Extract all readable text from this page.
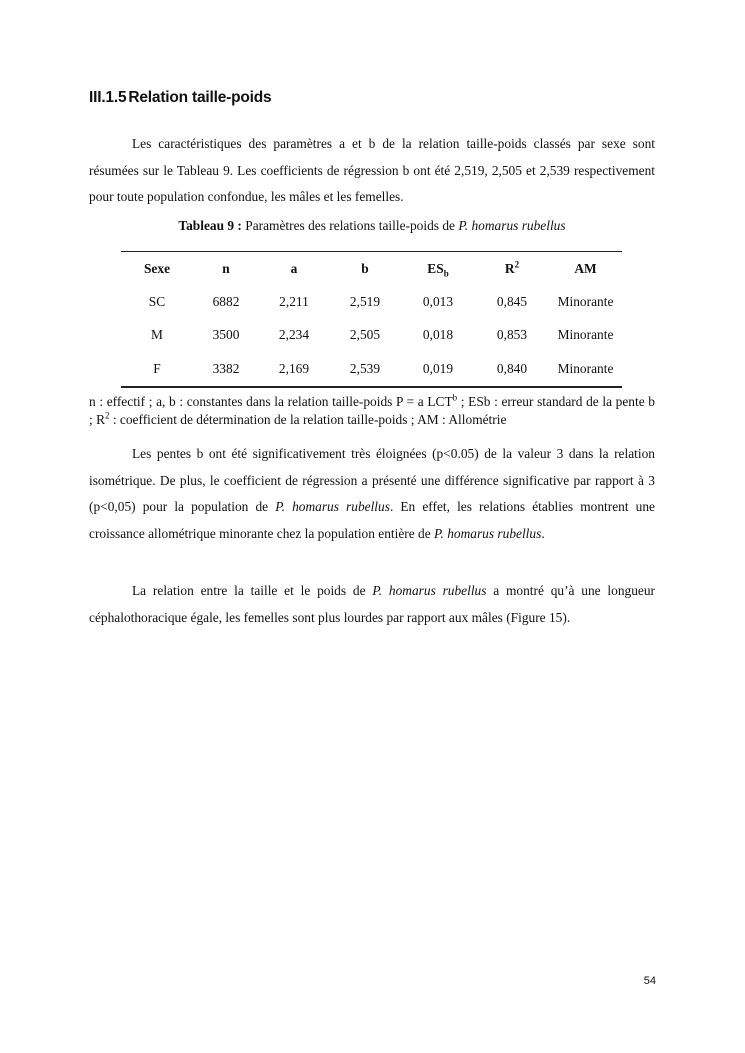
III.1.5 Relation taille-poids

Les caractéristiques des paramètres a et b de la relation taille-poids classés par sexe sont résumées sur le Tableau 9. Les coefficients de régression b ont été 2,519, 2,505 et 2,539 respectivement pour toute population confondue, les mâles et les femelles.

Tableau 9 : Paramètres des relations taille-poids de P. homarus rubellus
Sexe	n	a	b	$ES_b$	$R^2$	AM
SC	6882	2,211	2,519	0,013	0,845	Minorante
M	3500	2,234	2,505	0,018	0,853	Minorante
F	3382	2,169	2,539	0,019	0,840	Minorante
n : effectif ; a, b : constantes dans la relation taille-poids P = a LCT$^b$ ; ESb : erreur standard de la pente b ; $R^2$ : coefficient de détermination de la relation taille-poids ; AM : Allométrie

Les pentes b ont été significativement très éloignées (p<0.05) de la valeur 3 dans la relation isométrique. De plus, le coefficient de régression a présenté une différence significative par rapport à 3 (p<0,05) pour la population de P. homarus rubellus. En effet, les relations établies montrent une croissance allométrique minorante chez la population entière de P. homarus rubellus.

La relation entre la taille et le poids de P. homarus rubellus a montré qu’à une longueur céphalothoracique égale, les femelles sont plus lourdes par rapport aux mâles (Figure 15).

54
